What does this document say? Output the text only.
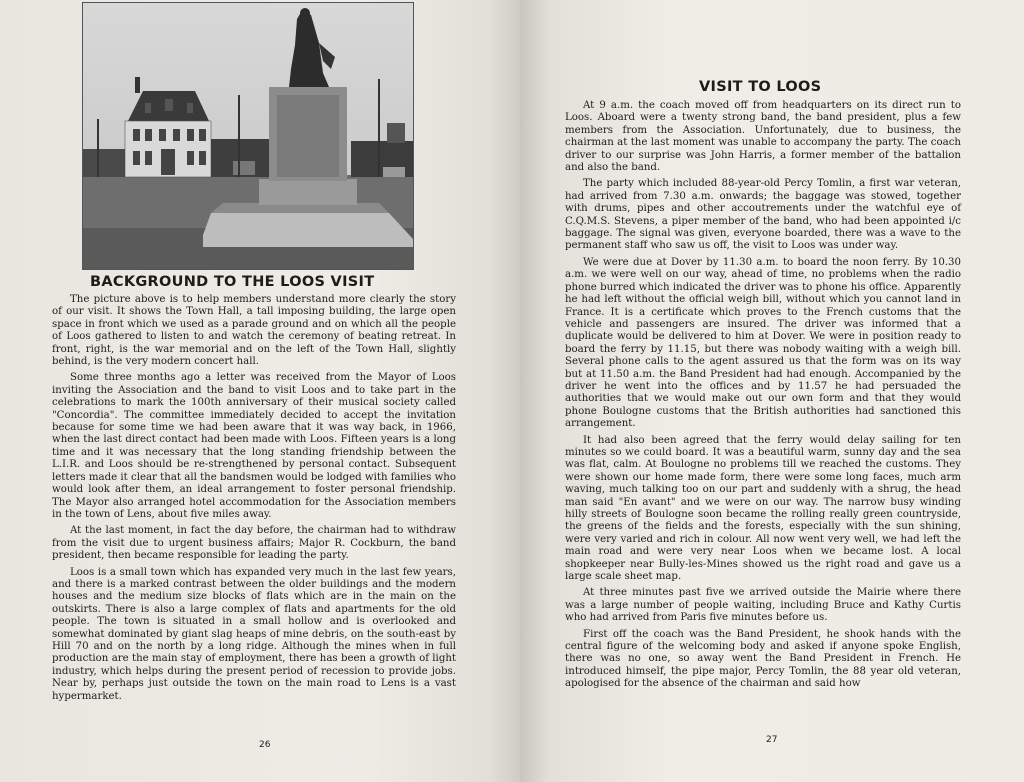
BACKGROUND TO THE LOOS VISIT

The picture above is to help members understand more clearly the story of our visit. It shows the Town Hall, a tall imposing building, the large open space in front which we used as a parade ground and on which all the people of Loos gathered to listen to and watch the ceremony of beating retreat. In front, right, is the war memorial and on the left of the Town Hall, slightly behind, is the very modern concert hall.

Some three months ago a letter was received from the Mayor of Loos inviting the Association and the band to visit Loos and to take part in the celebrations to mark the 100th anniversary of their musical society called "Concordia". The committee immediately decided to accept the invitation because for some time we had been aware that it was way back, in 1966, when the last direct contact had been made with Loos. Fifteen years is a long time and it was necessary that the long standing friendship between the L.I.R. and Loos should be re-strengthened by personal contact. Subsequent letters made it clear that all the bandsmen would be lodged with families who would look after them, an ideal arrangement to foster personal friendship. The Mayor also arranged hotel accommodation for the Association members in the town of Lens, about five miles away.

At the last moment, in fact the day before, the chairman had to withdraw from the visit due to urgent business affairs; Major R. Cockburn, the band president, then became responsible for leading the party.

Loos is a small town which has expanded very much in the last few years, and there is a marked contrast between the older buildings and the modern houses and the medium size blocks of flats which are in the main on the outskirts. There is also a large complex of flats and apartments for the old people. The town is situated in a small hollow and is overlooked and somewhat dominated by giant slag heaps of mine debris, on the south-east by Hill 70 and on the north by a long ridge. Although the mines when in full production are the main stay of employment, there has been a growth of light industry, which helps during the present period of recession to provide jobs. Near by, perhaps just outside the town on the main road to Lens is a vast hypermarket.

26
VISIT TO LOOS

At 9 a.m. the coach moved off from headquarters on its direct run to Loos. Aboard were a twenty strong band, the band president, plus a few members from the Association. Unfortunately, due to business, the chairman at the last moment was unable to accompany the party. The coach driver to our surprise was John Harris, a former member of the battalion and also the band.

The party which included 88-year-old Percy Tomlin, a first war veteran, had arrived from 7.30 a.m. onwards; the baggage was stowed, together with drums, pipes and other accoutrements under the watchful eye of C.Q.M.S. Stevens, a piper member of the band, who had been appointed i/c baggage. The signal was given, everyone boarded, there was a wave to the permanent staff who saw us off, the visit to Loos was under way.

We were due at Dover by 11.30 a.m. to board the noon ferry. By 10.30 a.m. we were well on our way, ahead of time, no problems when the radio phone burred which indicated the driver was to phone his office. Apparently he had left without the official weigh bill, without which you cannot land in France. It is a certificate which proves to the French customs that the vehicle and passengers are insured. The driver was informed that a duplicate would be delivered to him at Dover. We were in position ready to board the ferry by 11.15, but there was nobody waiting with a weigh bill. Several phone calls to the agent assured us that the form was on its way but at 11.50 a.m. the Band President had had enough. Accompanied by the driver he went into the offices and by 11.57 he had persuaded the authorities that we would make out our own form and that they would phone Boulogne customs that the British authorities had sanctioned this arrangement.

It had also been agreed that the ferry would delay sailing for ten minutes so we could board. It was a beautiful warm, sunny day and the sea was flat, calm. At Boulogne no problems till we reached the customs. They were shown our home made form, there were some long faces, much arm waving, much talking too on our part and suddenly with a shrug, the head man said "En avant" and we were on our way. The narrow busy winding hilly streets of Boulogne soon became the rolling really green countryside, the greens of the fields and the forests, especially with the sun shining, were very varied and rich in colour. All now went very well, we had left the main road and were very near Loos when we became lost. A local shopkeeper near Bully-les-Mines showed us the right road and gave us a large scale sheet map.

At three minutes past five we arrived outside the Mairie where there was a large number of people waiting, including Bruce and Kathy Curtis who had arrived from Paris five minutes before us.

First off the coach was the Band President, he shook hands with the central figure of the welcoming body and asked if anyone spoke English, there was no one, so away went the Band President in French. He introduced himself, the pipe major, Percy Tomlin, the 88 year old veteran, apologised for the absence of the chairman and said how

27
